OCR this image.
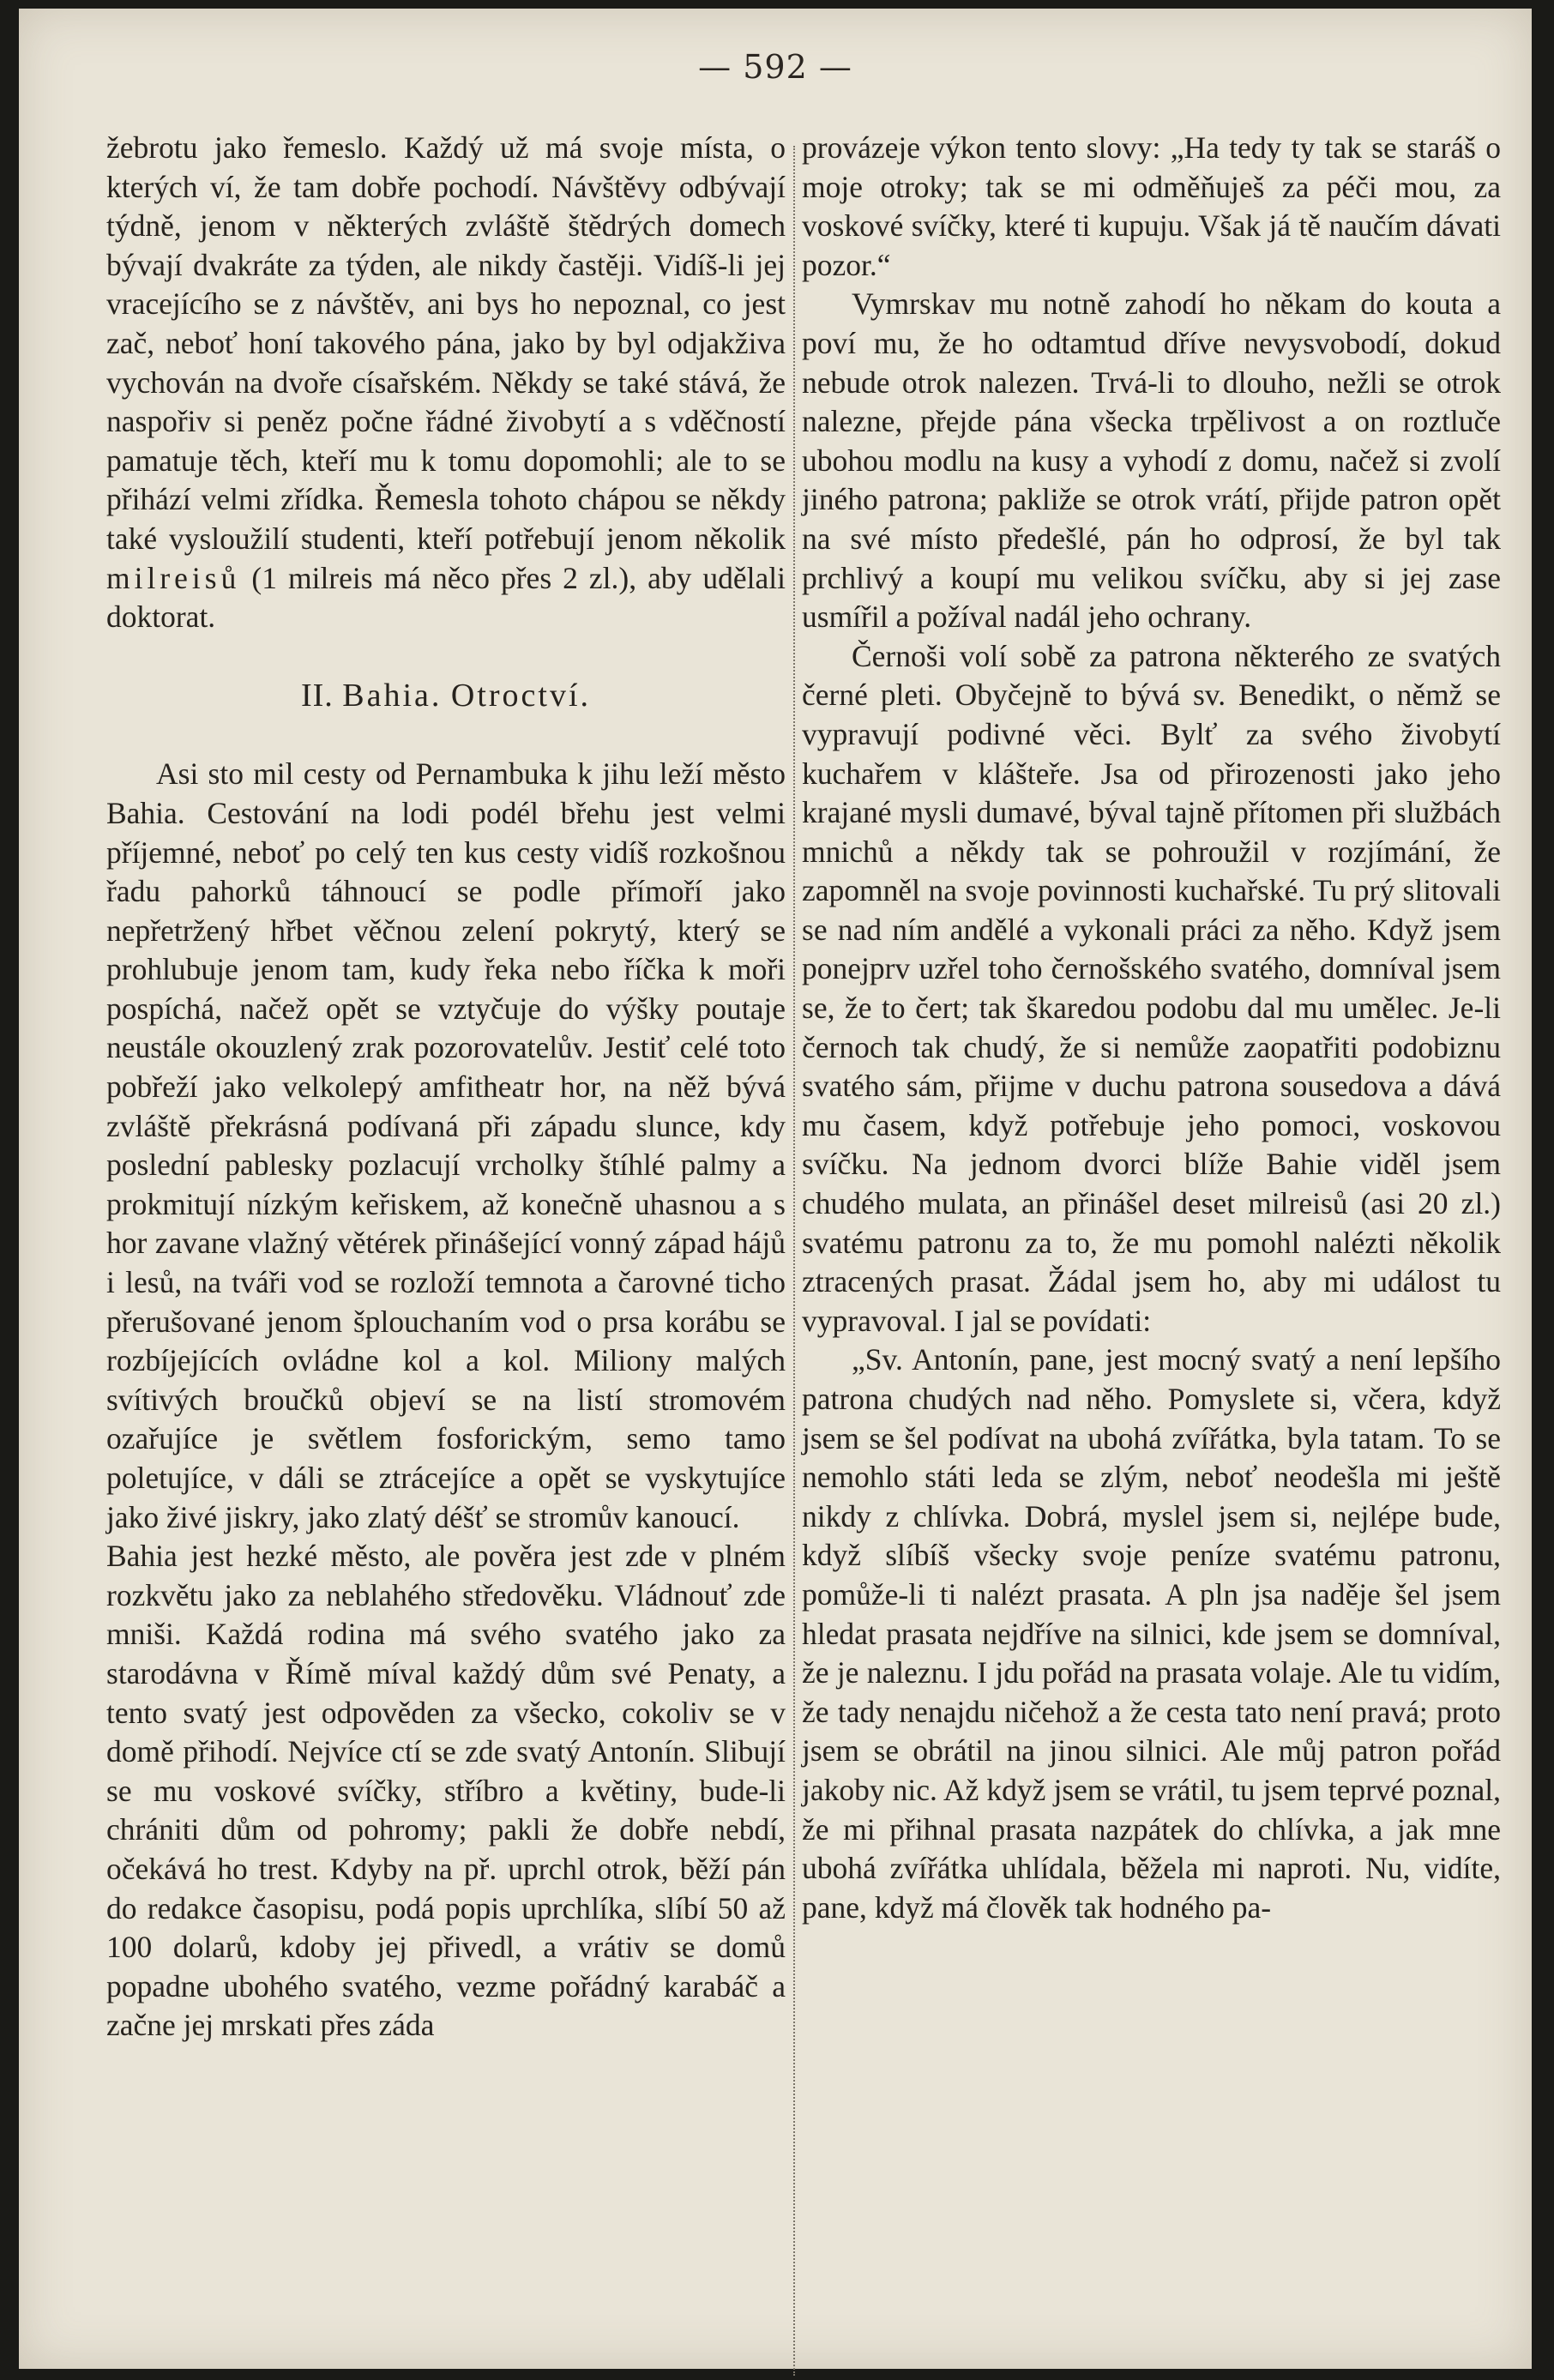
— 592 —

žebrotu jako řemeslo. Každý už má svoje místa, o kterých ví, že tam dobře pochodí. Návštěvy odbývají týdně, jenom v některých zvláště štědrých domech bývají dvakráte za týden, ale nikdy častěji. Vidíš-li jej vracejícího se z návštěv, ani bys ho nepoznal, co jest zač, neboť honí takového pána, jako by byl odjakživa vychován na dvoře císařském. Někdy se také stává, že naspořiv si peněz počne řádné živobytí a s vděčností pamatuje těch, kteří mu k tomu dopomohli; ale to se přihází velmi zřídka. Řemesla tohoto chápou se někdy také vysloužilí studenti, kteří potřebují jenom několik milreisů (1 milreis má něco přes 2 zl.), aby udělali doktorat.

II. Bahia. Otroctví.

Asi sto mil cesty od Pernambuka k jihu leží město Bahia. Cestování na lodi podél břehu jest velmi příjemné, neboť po celý ten kus cesty vidíš rozkošnou řadu pahorků táhnoucí se podle přímoří jako nepřetržený hřbet věčnou zelení pokrytý, který se prohlubuje jenom tam, kudy řeka nebo říčka k moři pospíchá, načež opět se vztyčuje do výšky poutaje neustále okouzlený zrak pozorovatelův. Jestiť celé toto pobřeží jako velkolepý amfitheatr hor, na něž bývá zvláště překrásná podívaná při západu slunce, kdy poslední pablesky pozlacují vrcholky štíhlé palmy a prokmitují nízkým keřiskem, až konečně uhasnou a s hor zavane vlažný větérek přinášející vonný západ hájů i lesů, na tváři vod se rozloží temnota a čarovné ticho přerušované jenom šplouchaním vod o prsa korábu se rozbíjejících ovládne kol a kol. Miliony malých svítivých broučků objeví se na listí stromovém ozařujíce je světlem fosforickým, semo tamo poletujíce, v dáli se ztrácejíce a opět se vyskytujíce jako živé jiskry, jako zlatý déšť se stromův kanoucí.

Bahia jest hezké město, ale pověra jest zde v plném rozkvětu jako za neblahého středověku. Vládnouť zde mniši. Každá rodina má svého svatého jako za starodávna v Římě míval každý dům své Penaty, a tento svatý jest odpověden za všecko, cokoliv se v domě přihodí. Nejvíce ctí se zde svatý Antonín. Slibují se mu voskové svíčky, stříbro a květiny, bude-li chrániti dům od pohromy; pakli že dobře nebdí, očekává ho trest. Kdyby na př. uprchl otrok, běží pán do redakce časopisu, podá popis uprchlíka, slíbí 50 až 100 dolarů, kdoby jej přivedl, a vrátiv se domů popadne ubohého svatého, vezme pořádný karabáč a začne jej mrskati přes záda

provázeje výkon tento slovy: „Ha tedy ty tak se staráš o moje otroky; tak se mi odměňuješ za péči mou, za voskové svíčky, které ti kupuju. Však já tě naučím dávati pozor.“

Vymrskav mu notně zahodí ho někam do kouta a poví mu, že ho odtamtud dříve nevysvobodí, dokud nebude otrok nalezen. Trvá-li to dlouho, nežli se otrok nalezne, přejde pána všecka trpělivost a on roztluče ubohou modlu na kusy a vyhodí z domu, načež si zvolí jiného patrona; pakliže se otrok vrátí, přijde patron opět na své místo předešlé, pán ho odprosí, že byl tak prchlivý a koupí mu velikou svíčku, aby si jej zase usmířil a požíval nadál jeho ochrany.

Černoši volí sobě za patrona některého ze svatých černé pleti. Obyčejně to bývá sv. Benedikt, o němž se vypravují podivné věci. Bylť za svého živobytí kuchařem v klášteře. Jsa od přirozenosti jako jeho krajané mysli dumavé, býval tajně přítomen při službách mnichů a někdy tak se pohroužil v rozjímání, že zapomněl na svoje povinnosti kuchařské. Tu prý slitovali se nad ním andělé a vykonali práci za něho. Když jsem ponejprv uzřel toho černošského svatého, domníval jsem se, že to čert; tak škaredou podobu dal mu umělec. Je-li černoch tak chudý, že si nemůže zaopatřiti podobiznu svatého sám, přijme v duchu patrona sousedova a dává mu časem, když potřebuje jeho pomoci, voskovou svíčku. Na jednom dvorci blíže Bahie viděl jsem chudého mulata, an přinášel deset milreisů (asi 20 zl.) svatému patronu za to, že mu pomohl nalézti několik ztracených prasat. Žádal jsem ho, aby mi událost tu vypravoval. I jal se povídati:

„Sv. Antonín, pane, jest mocný svatý a není lepšího patrona chudých nad něho. Pomyslete si, včera, když jsem se šel podívat na ubohá zvířátka, byla tatam. To se nemohlo státi leda se zlým, neboť neodešla mi ještě nikdy z chlívka. Dobrá, myslel jsem si, nejlépe bude, když slíbíš všecky svoje peníze svatému patronu, pomůže-li ti nalézt prasata. A pln jsa naděje šel jsem hledat prasata nejdříve na silnici, kde jsem se domníval, že je naleznu. I jdu pořád na prasata volaje. Ale tu vidím, že tady nenajdu ničehož a že cesta tato není pravá; proto jsem se obrátil na jinou silnici. Ale můj patron pořád jakoby nic. Až když jsem se vrátil, tu jsem teprvé poznal, že mi přihnal prasata nazpátek do chlívka, a jak mne ubohá zvířátka uhlídala, běžela mi naproti. Nu, vidíte, pane, když má člověk tak hodného pa-
